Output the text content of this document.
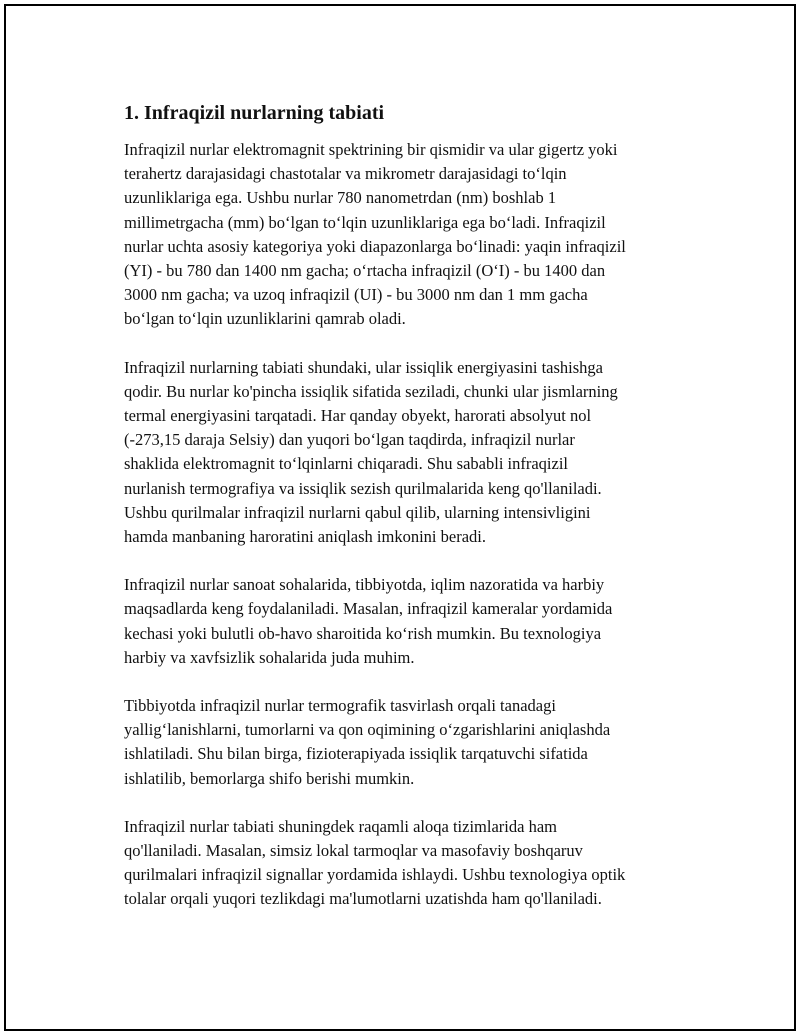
1. Infraqizil nurlarning tabiati
Infraqizil nurlar elektromagnit spektrining bir qismidir va ular gigertz yoki
terahertz darajasidagi chastotalar va mikrometr darajasidagi toʻlqin
uzunliklariga ega. Ushbu nurlar 780 nanometrdan (nm) boshlab 1
millimetrgacha (mm) boʻlgan toʻlqin uzunliklariga ega boʻladi. Infraqizil
nurlar uchta asosiy kategoriya yoki diapazonlarga boʻlinadi: yaqin infraqizil
(YI) - bu 780 dan 1400 nm gacha; oʻrtacha infraqizil (OʻI) - bu 1400 dan
3000 nm gacha; va uzoq infraqizil (UI) - bu 3000 nm dan 1 mm gacha
boʻlgan toʻlqin uzunliklarini qamrab oladi.
Infraqizil nurlarning tabiati shundaki, ular issiqlik energiyasini tashishga
qodir. Bu nurlar ko'pincha issiqlik sifatida seziladi, chunki ular jismlarning
termal energiyasini tarqatadi. Har qanday obyekt, harorati absolyut nol
(-273,15 daraja Selsiy) dan yuqori boʻlgan taqdirda, infraqizil nurlar
shaklida elektromagnit toʻlqinlarni chiqaradi. Shu sababli infraqizil
nurlanish termografiya va issiqlik sezish qurilmalarida keng qo'llaniladi.
Ushbu qurilmalar infraqizil nurlarni qabul qilib, ularning intensivligini
hamda manbaning haroratini aniqlash imkonini beradi.
Infraqizil nurlar sanoat sohalarida, tibbiyotda, iqlim nazoratida va harbiy
maqsadlarda keng foydalaniladi. Masalan, infraqizil kameralar yordamida
kechasi yoki bulutli ob-havo sharoitida koʻrish mumkin. Bu texnologiya
harbiy va xavfsizlik sohalarida juda muhim.
Tibbiyotda infraqizil nurlar termografik tasvirlash orqali tanadagi
yalligʻlanishlarni, tumorlarni va qon oqimining oʻzgarishlarini aniqlashda
ishlatiladi. Shu bilan birga, fizioterapiyada issiqlik tarqatuvchi sifatida
ishlatilib, bemorlarga shifo berishi mumkin.
Infraqizil nurlar tabiati shuningdek raqamli aloqa tizimlarida ham
qo'llaniladi. Masalan, simsiz lokal tarmoqlar va masofaviy boshqaruv
qurilmalari infraqizil signallar yordamida ishlaydi. Ushbu texnologiya optik
tolalar orqali yuqori tezlikdagi ma'lumotlarni uzatishda ham qo'llaniladi.
